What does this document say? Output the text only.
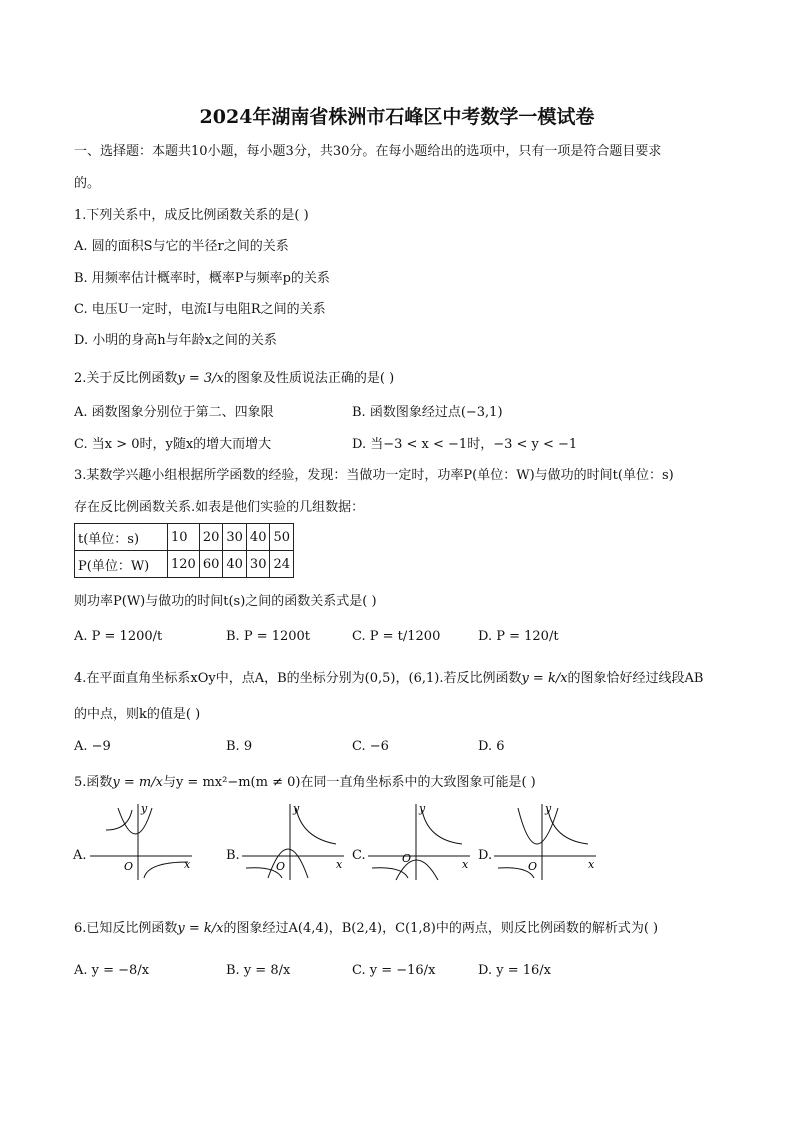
2024年湖南省株洲市石峰区中考数学一模试卷
一、选择题：本题共10小题，每小题3分，共30分。在每小题给出的选项中，只有一项是符合题目要求
的。
1.下列关系中，成反比例函数关系的是( )
A. 圆的面积S与它的半径r之间的关系
B. 用频率估计概率时，概率P与频率p的关系
C. 电压U一定时，电流I与电阻R之间的关系
D. 小明的身高h与年龄x之间的关系
2.关于反比例函数y = 3/x的图象及性质说法正确的是( )
A. 函数图象分别位于第二、四象限	B. 函数图象经过点(−3,1)
C. 当x > 0时，y随x的增大而增大	D. 当−3 < x < −1时，−3 < y < −1
3.某数学兴趣小组根据所学函数的经验，发现：当做功一定时，功率P(单位：W)与做功的时间t(单位：s)
存在反比例函数关系.如表是他们实验的几组数据：
t(单位：s)	10	20	30	40	50
P(单位：W)	120	60	40	30	24
则功率P(W)与做功的时间t(s)之间的函数关系式是( )
A. P = 1200/t	B. P = 1200t	C. P = t/1200	D. P = 120/t
4.在平面直角坐标系xOy中，点A，B的坐标分别为(0,5)，(6,1).若反比例函数y = k/x的图象恰好经过线段AB
的中点，则k的值是( )
A. −9	B. 9	C. −6	D. 6
5.函数y = m/x与y = mx²−m(m ≠ 0)在同一直角坐标系中的大致图象可能是( )
A.
y
x
O
B.
y
x
O
C.
y
x
O	D.
y
x
O
6.已知反比例函数y = k/x的图象经过A(4,4)，B(2,4)，C(1,8)中的两点，则反比例函数的解析式为( )
A. y = −8/x	B. y = 8/x	C. y = −16/x	D. y = 16/x
